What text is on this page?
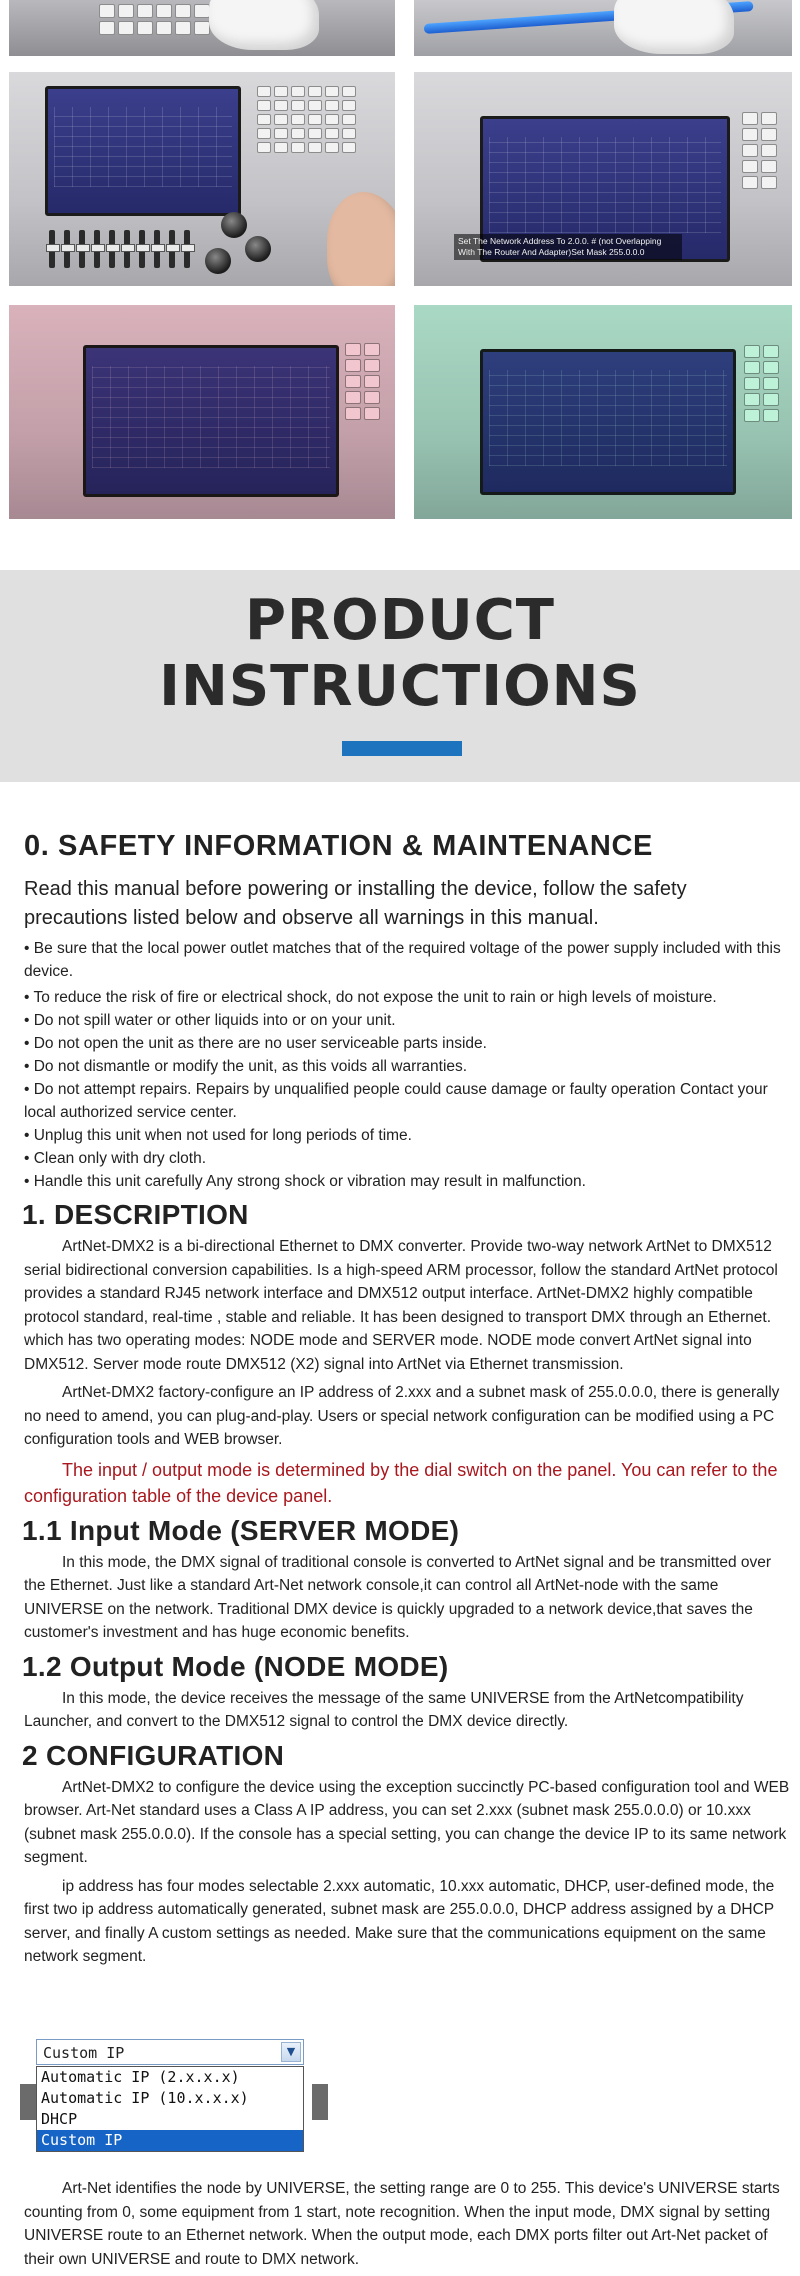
Set The Network Address To 2.0.0. # (not Overlapping With The Router And Adapter)Set Mask 255.0.0.0
PRODUCT
INSTRUCTIONS
0. SAFETY INFORMATION & MAINTENANCE

Read this manual before powering or installing the device, follow the safety precautions listed below and observe all warnings in this manual.

• Be sure that the local power outlet matches that of the required voltage of the power supply included with this device.

• To reduce the risk of fire or electrical shock, do not expose the unit to rain or high levels of moisture.

• Do not spill water or other liquids into or on your unit.

• Do not open the unit as there are no user serviceable parts inside.

• Do not dismantle or modify the unit, as this voids all warranties.

• Do not attempt repairs. Repairs by unqualified people could cause damage or faulty operation Contact your local authorized service center.

• Unplug this unit when not used for long periods of time.

• Clean only with dry cloth.

• Handle this unit carefully Any strong shock or vibration may result in malfunction.

1. DESCRIPTION

ArtNet-DMX2 is a bi-directional Ethernet to DMX converter. Provide two-way network ArtNet to DMX512 serial bidirectional conversion capabilities. Is a high-speed ARM processor, follow the standard ArtNet protocol provides a standard RJ45 network interface and DMX512 output interface. ArtNet-DMX2 highly compatible protocol standard, real-time , stable and reliable. It has been designed to transport DMX through an Ethernet. which has two operating modes: NODE mode and SERVER mode. NODE mode convert ArtNet signal into DMX512. Server mode route DMX512 (X2) signal into ArtNet via Ethernet transmission.

ArtNet-DMX2 factory-configure an IP address of 2.xxx and a subnet mask of 255.0.0.0, there is generally no need to amend, you can plug-and-play. Users or special network configuration can be modified using a PC configuration tools and WEB browser.

The input / output mode is determined by the dial switch on the panel. You can refer to the configuration table of the device panel.

1.1 Input Mode (SERVER MODE)

In this mode, the DMX signal of traditional console is converted to ArtNet signal and be transmitted over the Ethernet. Just like a standard Art-Net network console,it can control all ArtNet-node with the same UNIVERSE on the network. Traditional DMX device is quickly upgraded to a network device,that saves the customer's investment and has huge economic benefits.

1.2 Output Mode (NODE MODE)

In this mode, the device receives the message of the same UNIVERSE from the ArtNetcompatibility Launcher, and convert to the DMX512 signal to control the DMX device directly.

2 CONFIGURATION

ArtNet-DMX2 to configure the device using the exception succinctly PC-based configuration tool and WEB browser. Art-Net standard uses a Class A IP address, you can set 2.xxx (subnet mask 255.0.0.0) or 10.xxx (subnet mask 255.0.0.0). If the console has a special setting, you can change the device IP to its same network segment.

ip address has four modes selectable 2.xxx automatic, 10.xxx automatic, DHCP, user-defined mode, the first two ip address automatically generated, subnet mask are 255.0.0.0, DHCP address assigned by a DHCP server, and finally A custom settings as needed. Make sure that the communications equipment on the same network segment.

Custom IP	▼
Automatic IP (2.x.x.x)
Automatic IP (10.x.x.x)
DHCP
Custom IP

Art-Net identifies the node by UNIVERSE, the setting range are 0 to 255. This device's UNIVERSE starts counting from 0, some equipment from 1 start, note recognition. When the input mode, DMX signal by setting UNIVERSE route to an Ethernet network. When the output mode, each DMX ports filter out Art-Net packet of their own UNIVERSE and route to DMX network.
